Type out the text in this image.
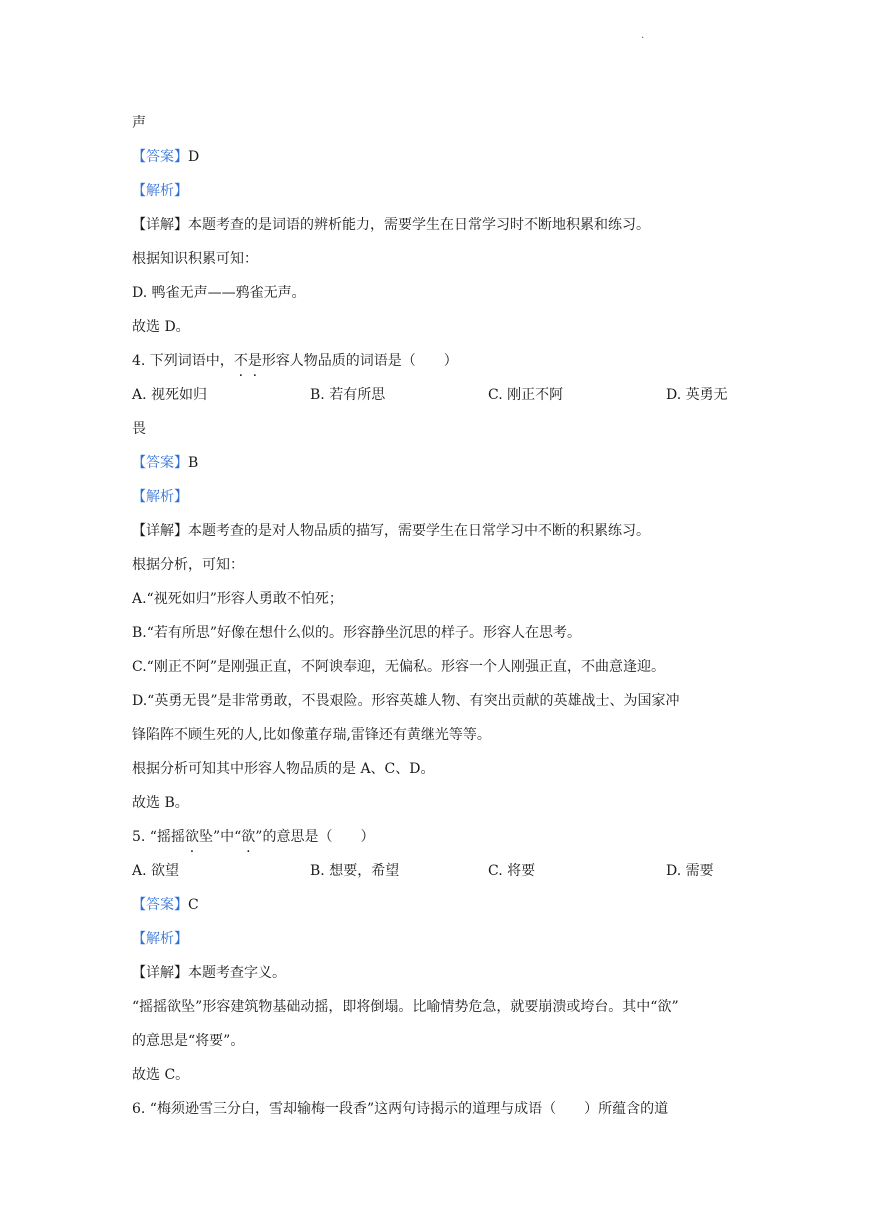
.
声
【答案】D
【解析】
【详解】本题考查的是词语的辨析能力，需要学生在日常学习时不断地积累和练习。
根据知识积累可知：
D. 鸭雀无声——鸦雀无声。
故选 D。
4. 下列词语中，不是形容人物品质的词语是（　　）
A. 视死如归	B. 若有所思	C. 刚正不阿	D. 英勇无
畏
【答案】B
【解析】
【详解】本题考查的是对人物品质的描写，需要学生在日常学习中不断的积累练习。
根据分析，可知：
A.“视死如归”形容人勇敢不怕死；
B.“若有所思”好像在想什么似的。形容静坐沉思的样子。形容人在思考。
C.“刚正不阿”是刚强正直，不阿谀奉迎，无偏私。形容一个人刚强正直，不曲意逢迎。
D.“英勇无畏”是非常勇敢，不畏艰险。形容英雄人物、有突出贡献的英雄战士、为国家冲
锋陷阵不顾生死的人,比如像董存瑞,雷锋还有黄继光等等。
根据分析可知其中形容人物品质的是 A、C、D。
故选 B。
5. “摇摇欲坠”中“欲”的意思是（　　）
A. 欲望	B. 想要，希望	C. 将要	D. 需要
【答案】C
【解析】
【详解】本题考查字义。
“摇摇欲坠”形容建筑物基础动摇，即将倒塌。比喻情势危急，就要崩溃或垮台。其中“欲”
的意思是“将要”。
故选 C。
6. “梅须逊雪三分白，雪却输梅一段香”这两句诗揭示的道理与成语（　　）所蕴含的道
